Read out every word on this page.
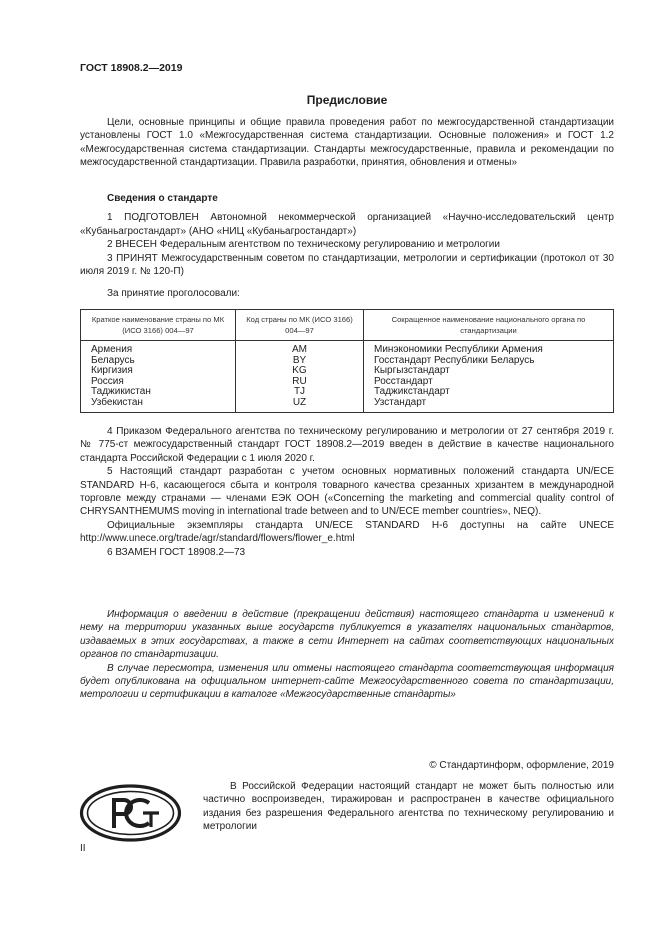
ГОСТ 18908.2—2019
Предисловие

Цели, основные принципы и общие правила проведения работ по межгосударственной стандартизации установлены ГОСТ 1.0 «Межгосударственная система стандартизации. Основные положения» и ГОСТ 1.2 «Межгосударственная система стандартизации. Стандарты межгосударственные, правила и рекомендации по межгосударственной стандартизации. Правила разработки, принятия, обновления и отмены»

Сведения о стандарте

1 ПОДГОТОВЛЕН Автономной некоммерческой организацией «Научно-исследовательский центр «Кубаньагростандарт» (АНО «НИЦ «Кубаньагростандарт»)

2 ВНЕСЕН Федеральным агентством по техническому регулированию и метрологии

3 ПРИНЯТ Межгосударственным советом по стандартизации, метрологии и сертификации (протокол от 30 июля 2019 г. № 120-П)

За принятие проголосовали:

Краткое наименование страны по МК (ИСО 3166) 004—97	Код страны по МК (ИСО 3166) 004—97	Сокращенное наименование национального органа по стандартизации
Армения	AM	Минэкономики Республики Армения
Беларусь	BY	Госстандарт Республики Беларусь
Киргизия	KG	Кыргызстандарт
Россия	RU	Росстандарт
Таджикистан	TJ	Таджикстандарт
Узбекистан	UZ	Узстандарт

4 Приказом Федерального агентства по техническому регулированию и метрологии от 27 сентября 2019 г. № 775-ст межгосударственный стандарт ГОСТ 18908.2—2019 введен в действие в качестве национального стандарта Российской Федерации с 1 июля 2020 г.

5 Настоящий стандарт разработан с учетом основных нормативных положений стандарта UN/ECE STANDARD H-6, касающегося сбыта и контроля товарного качества срезанных хризантем в международной торговле между странами — членами ЕЭК ООН («Concerning the marketing and commercial quality control of CHRYSANTHEMUMS moving in international trade between and to UN/ECE member countries», NEQ).

Официальные экземпляры стандарта UN/ECE STANDARD H-6 доступны на сайте UNECE http://www.unece.org/trade/agr/standard/flowers/flower_e.html

6 ВЗАМЕН ГОСТ 18908.2—73

Информация о введении в действие (прекращении действия) настоящего стандарта и изменений к нему на территории указанных выше государств публикуется в указателях национальных стандартов, издаваемых в этих государствах, а также в сети Интернет на сайтах соответствующих национальных органов по стандартизации.

В случае пересмотра, изменения или отмены настоящего стандарта соответствующая информация будет опубликована на официальном интернет-сайте Межгосударственного совета по стандартизации, метрологии и сертификации в каталоге «Межгосударственные стандарты»

© Стандартинформ, оформление, 2019

В Российской Федерации настоящий стандарт не может быть полностью или частично воспроизведен, тиражирован и распространен в качестве официального издания без разрешения Федерального агентства по техническому регулированию и метрологии

II
